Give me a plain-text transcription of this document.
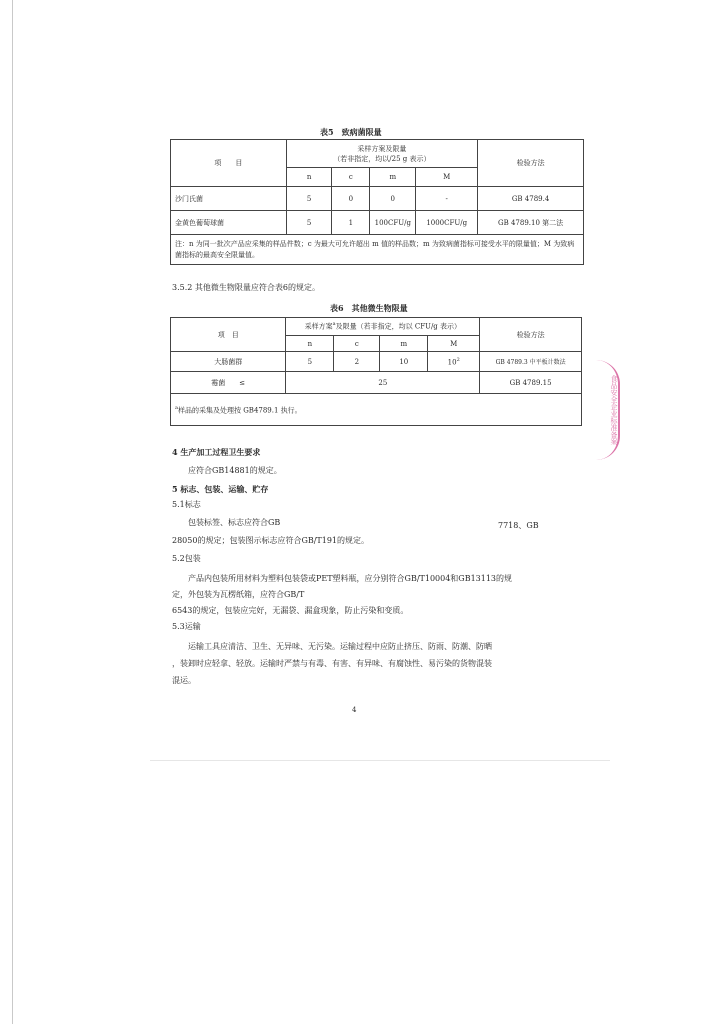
表5　致病菌限量
项　　目	采样方案及限量
（若非指定，均以/25 g 表示）				检验方法
	n	c	m	M	
沙门氏菌	5	0	0	-	GB 4789.4
金黄色葡萄球菌	5	1	100CFU/g	1000CFU/g	GB 4789.10 第二法
注：n 为同一批次产品应采集的样品件数；c 为最大可允许超出 m 值的样品数；m 为致病菌指标可接受水平的限量值；M 为致病菌指标的最高安全限量值。					
3.5.2 其他微生物限量应符合表6的规定。
表6　其他微生物限量
项　目	采样方案$^a$及限量（若非指定，均以 CFU/g 表示）				检验方法
	n	c	m	M	
大肠菌群	5	2	10	$10^2$	GB 4789.3 中平板计数法
霉菌　　≤	25				GB 4789.15
$^a$样品的采集及处理按 GB4789.1 执行。					
4 生产加工过程卫生要求
应符合GB14881的规定。
5 标志、包装、运输、贮存
5.1标志
包装标签、标志应符合GB	7718、GB
28050的规定；包装图示标志应符合GB/T191的规定。
5.2包装
产品内包装所用材料为塑料包装袋或PET塑料瓶，应分别符合GB/T10004和GB13113的规
定，外包装为瓦楞纸箱，应符合GB/T
6543的规定，包装应完好，无漏袋、漏盒现象，防止污染和变质。
5.3运输
运输工具应清洁、卫生、无异味、无污染。运输过程中应防止挤压、防雨、防潮、防晒
，装卸时应轻拿、轻放。运输时严禁与有毒、有害、有异味、有腐蚀性、易污染的货物混装
混运。
4
食品安全企业标准备案
